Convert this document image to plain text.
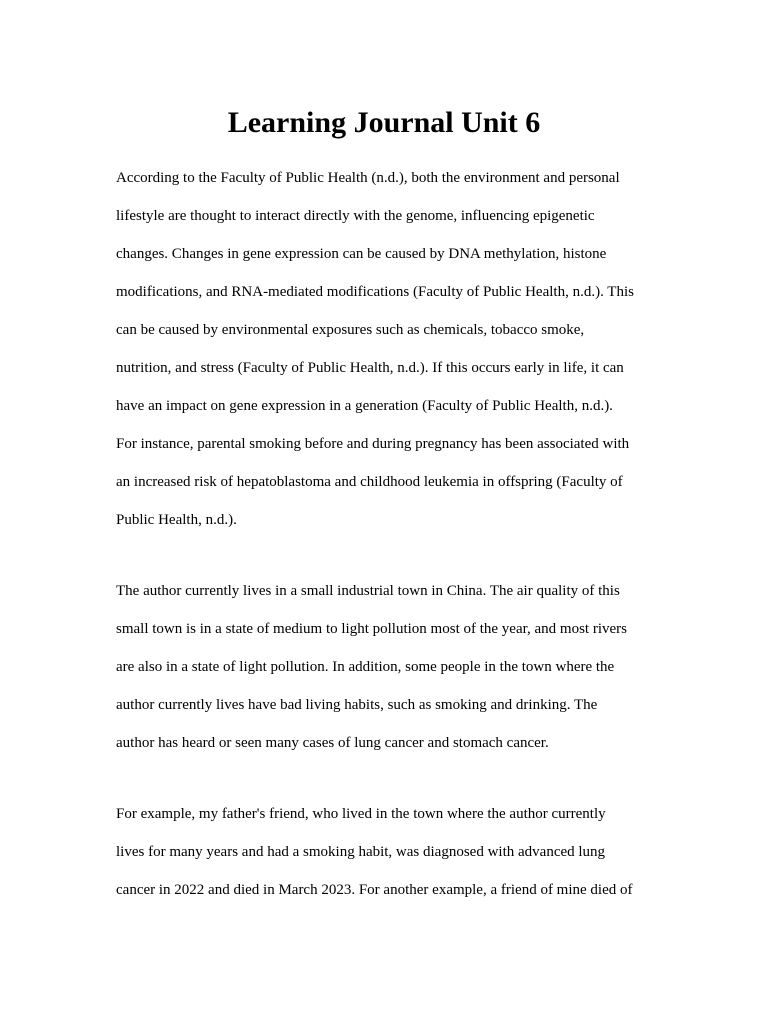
Learning Journal Unit 6
According to the Faculty of Public Health (n.d.), both the environment and personal
lifestyle are thought to interact directly with the genome, influencing epigenetic
changes. Changes in gene expression can be caused by DNA methylation, histone
modifications, and RNA-mediated modifications (Faculty of Public Health, n.d.). This
can be caused by environmental exposures such as chemicals, tobacco smoke,
nutrition, and stress (Faculty of Public Health, n.d.). If this occurs early in life, it can
have an impact on gene expression in a generation (Faculty of Public Health, n.d.).
For instance, parental smoking before and during pregnancy has been associated with
an increased risk of hepatoblastoma and childhood leukemia in offspring (Faculty of
Public Health, n.d.).
The author currently lives in a small industrial town in China. The air quality of this
small town is in a state of medium to light pollution most of the year, and most rivers
are also in a state of light pollution. In addition, some people in the town where the
author currently lives have bad living habits, such as smoking and drinking. The
author has heard or seen many cases of lung cancer and stomach cancer.
For example, my father's friend, who lived in the town where the author currently
lives for many years and had a smoking habit, was diagnosed with advanced lung
cancer in 2022 and died in March 2023. For another example, a friend of mine died of
